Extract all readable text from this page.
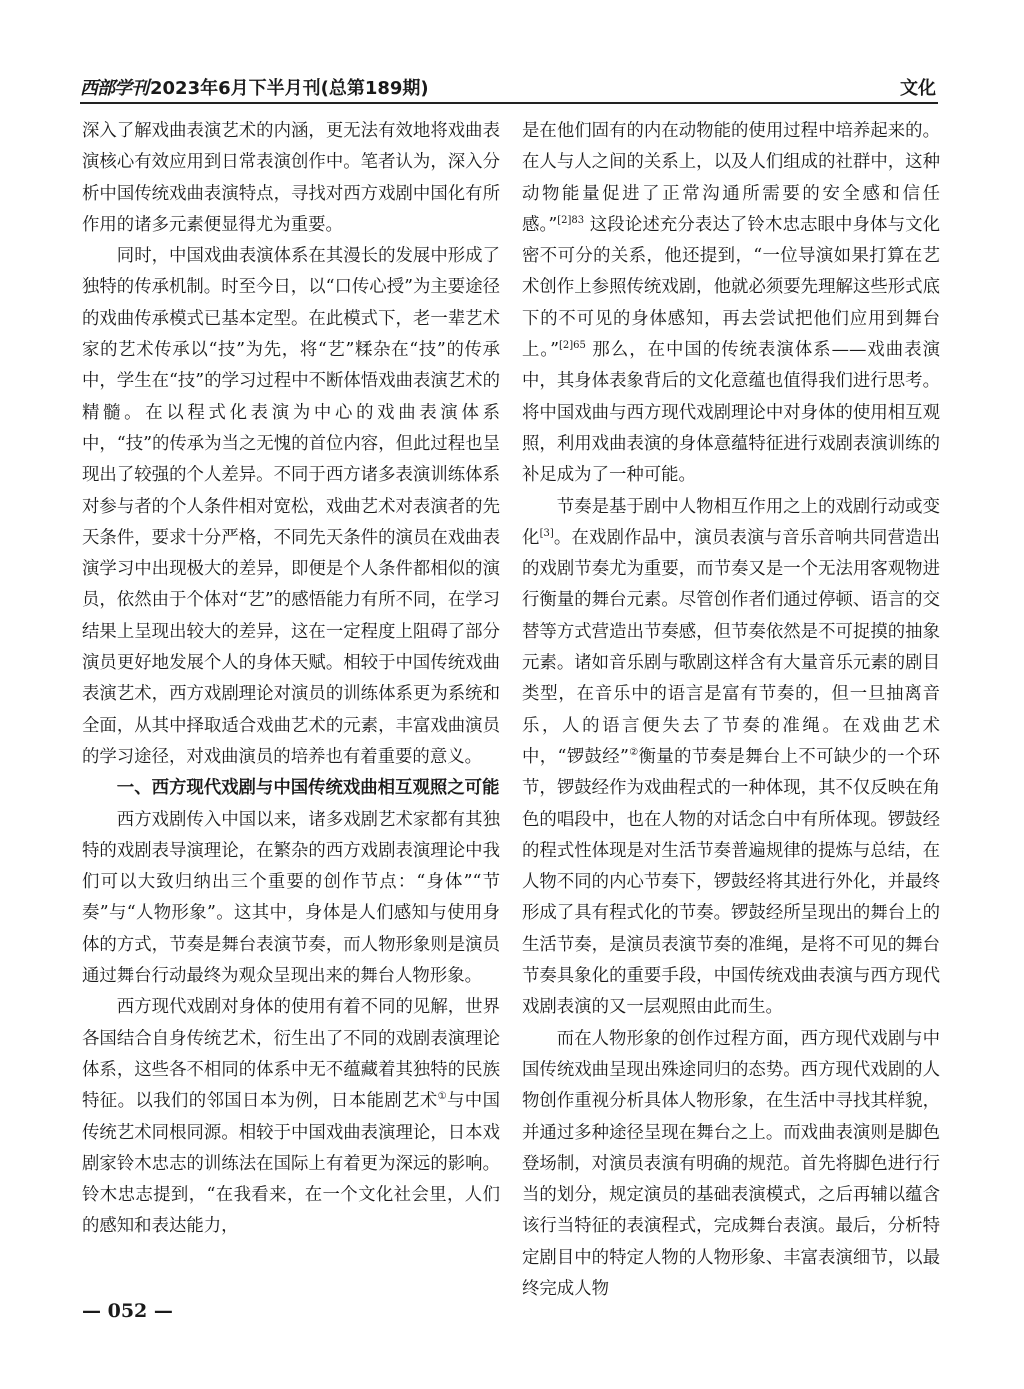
西部学刊 2023年6月下半月刊(总第189期)	文化

深入了解戏曲表演艺术的内涵，更无法有效地将戏曲表演核心有效应用到日常表演创作中。笔者认为，深入分析中国传统戏曲表演特点，寻找对西方戏剧中国化有所作用的诸多元素便显得尤为重要。

同时，中国戏曲表演体系在其漫长的发展中形成了独特的传承机制。时至今日，以“口传心授”为主要途径的戏曲传承模式已基本定型。在此模式下，老一辈艺术家的艺术传承以“技”为先，将“艺”糅杂在“技”的传承中，学生在“技”的学习过程中不断体悟戏曲表演艺术的精髓。在以程式化表演为中心的戏曲表演体系中，“技”的传承为当之无愧的首位内容，但此过程也呈现出了较强的个人差异。不同于西方诸多表演训练体系对参与者的个人条件相对宽松，戏曲艺术对表演者的先天条件，要求十分严格，不同先天条件的演员在戏曲表演学习中出现极大的差异，即便是个人条件都相似的演员，依然由于个体对“艺”的感悟能力有所不同，在学习结果上呈现出较大的差异，这在一定程度上阻碍了部分演员更好地发展个人的身体天赋。相较于中国传统戏曲表演艺术，西方戏剧理论对演员的训练体系更为系统和全面，从其中择取适合戏曲艺术的元素，丰富戏曲演员的学习途径，对戏曲演员的培养也有着重要的意义。

一、西方现代戏剧与中国传统戏曲相互观照之可能

西方戏剧传入中国以来，诸多戏剧艺术家都有其独特的戏剧表导演理论，在繁杂的西方戏剧表演理论中我们可以大致归纳出三个重要的创作节点：“身体”“节奏”与“人物形象”。这其中，身体是人们感知与使用身体的方式，节奏是舞台表演节奏，而人物形象则是演员通过舞台行动最终为观众呈现出来的舞台人物形象。

西方现代戏剧对身体的使用有着不同的见解，世界各国结合自身传统艺术，衍生出了不同的戏剧表演理论体系，这些各不相同的体系中无不蕴藏着其独特的民族特征。以我们的邻国日本为例，日本能剧艺术①与中国传统艺术同根同源。相较于中国戏曲表演理论，日本戏剧家铃木忠志的训练法在国际上有着更为深远的影响。铃木忠志提到，“在我看来，在一个文化社会里，人们的感知和表达能力，

是在他们固有的内在动物能的使用过程中培养起来的。在人与人之间的关系上，以及人们组成的社群中，这种动物能量促进了正常沟通所需要的安全感和信任感。”$^{[2]83}$ 这段论述充分表达了铃木忠志眼中身体与文化密不可分的关系，他还提到，“一位导演如果打算在艺术创作上参照传统戏剧，他就必须要先理解这些形式底下的不可见的身体感知，再去尝试把他们应用到舞台上。”$^{[2]65}$ 那么，在中国的传统表演体系——戏曲表演中，其身体表象背后的文化意蕴也值得我们进行思考。将中国戏曲与西方现代戏剧理论中对身体的使用相互观照，利用戏曲表演的身体意蕴特征进行戏剧表演训练的补足成为了一种可能。

节奏是基于剧中人物相互作用之上的戏剧行动或变化[3]。在戏剧作品中，演员表演与音乐音响共同营造出的戏剧节奏尤为重要，而节奏又是一个无法用客观物进行衡量的舞台元素。尽管创作者们通过停顿、语言的交替等方式营造出节奏感，但节奏依然是不可捉摸的抽象元素。诸如音乐剧与歌剧这样含有大量音乐元素的剧目类型，在音乐中的语言是富有节奏的，但一旦抽离音乐，人的语言便失去了节奏的准绳。在戏曲艺术中，“锣鼓经”②衡量的节奏是舞台上不可缺少的一个环节，锣鼓经作为戏曲程式的一种体现，其不仅反映在角色的唱段中，也在人物的对话念白中有所体现。锣鼓经的程式性体现是对生活节奏普遍规律的提炼与总结，在人物不同的内心节奏下，锣鼓经将其进行外化，并最终形成了具有程式化的节奏。锣鼓经所呈现出的舞台上的生活节奏，是演员表演节奏的准绳，是将不可见的舞台节奏具象化的重要手段，中国传统戏曲表演与西方现代戏剧表演的又一层观照由此而生。

而在人物形象的创作过程方面，西方现代戏剧与中国传统戏曲呈现出殊途同归的态势。西方现代戏剧的人物创作重视分析具体人物形象，在生活中寻找其样貌，并通过多种途径呈现在舞台之上。而戏曲表演则是脚色登场制，对演员表演有明确的规范。首先将脚色进行行当的划分，规定演员的基础表演模式，之后再辅以蕴含该行当特征的表演程式，完成舞台表演。最后，分析特定剧目中的特定人物的人物形象、丰富表演细节，以最终完成人物

— 052 —
